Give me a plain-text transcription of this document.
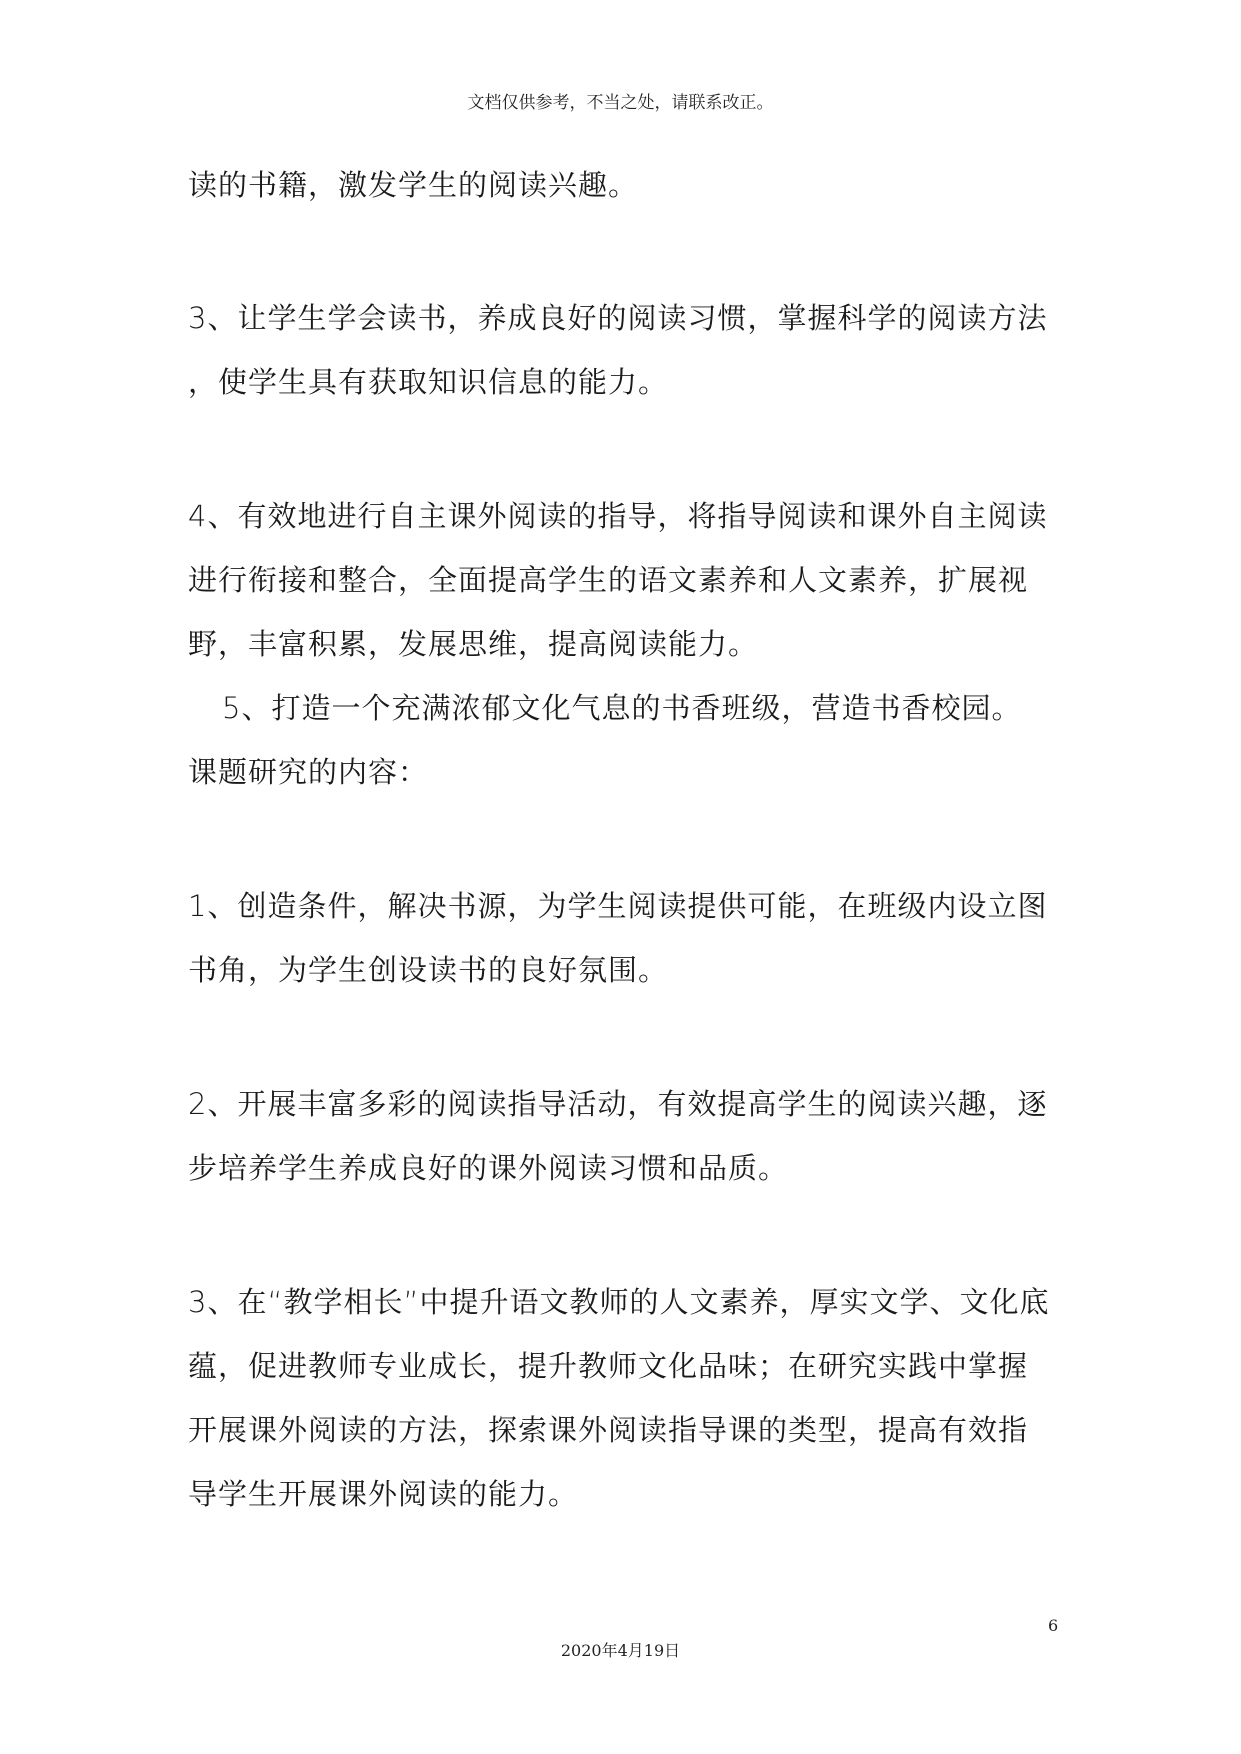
文档仅供参考，不当之处，请联系改正。
读的书籍，激发学生的阅读兴趣。
3、让学生学会读书，养成良好的阅读习惯，掌握科学的阅读方法
，使学生具有获取知识信息的能力。
4、有效地进行自主课外阅读的指导，将指导阅读和课外自主阅读
进行衔接和整合，全面提高学生的语文素养和人文素养，扩展视
野，丰富积累，发展思维，提高阅读能力。
5、打造一个充满浓郁文化气息的书香班级，营造书香校园。
课题研究的内容：
1、创造条件，解决书源，为学生阅读提供可能，在班级内设立图
书角，为学生创设读书的良好氛围。
2、开展丰富多彩的阅读指导活动，有效提高学生的阅读兴趣，逐
步培养学生养成良好的课外阅读习惯和品质。
3、在“教学相长”中提升语文教师的人文素养，厚实文学、文化底
蕴，促进教师专业成长，提升教师文化品味；在研究实践中掌握
开展课外阅读的方法，探索课外阅读指导课的类型，提高有效指
导学生开展课外阅读的能力。
6
2020年4月19日
